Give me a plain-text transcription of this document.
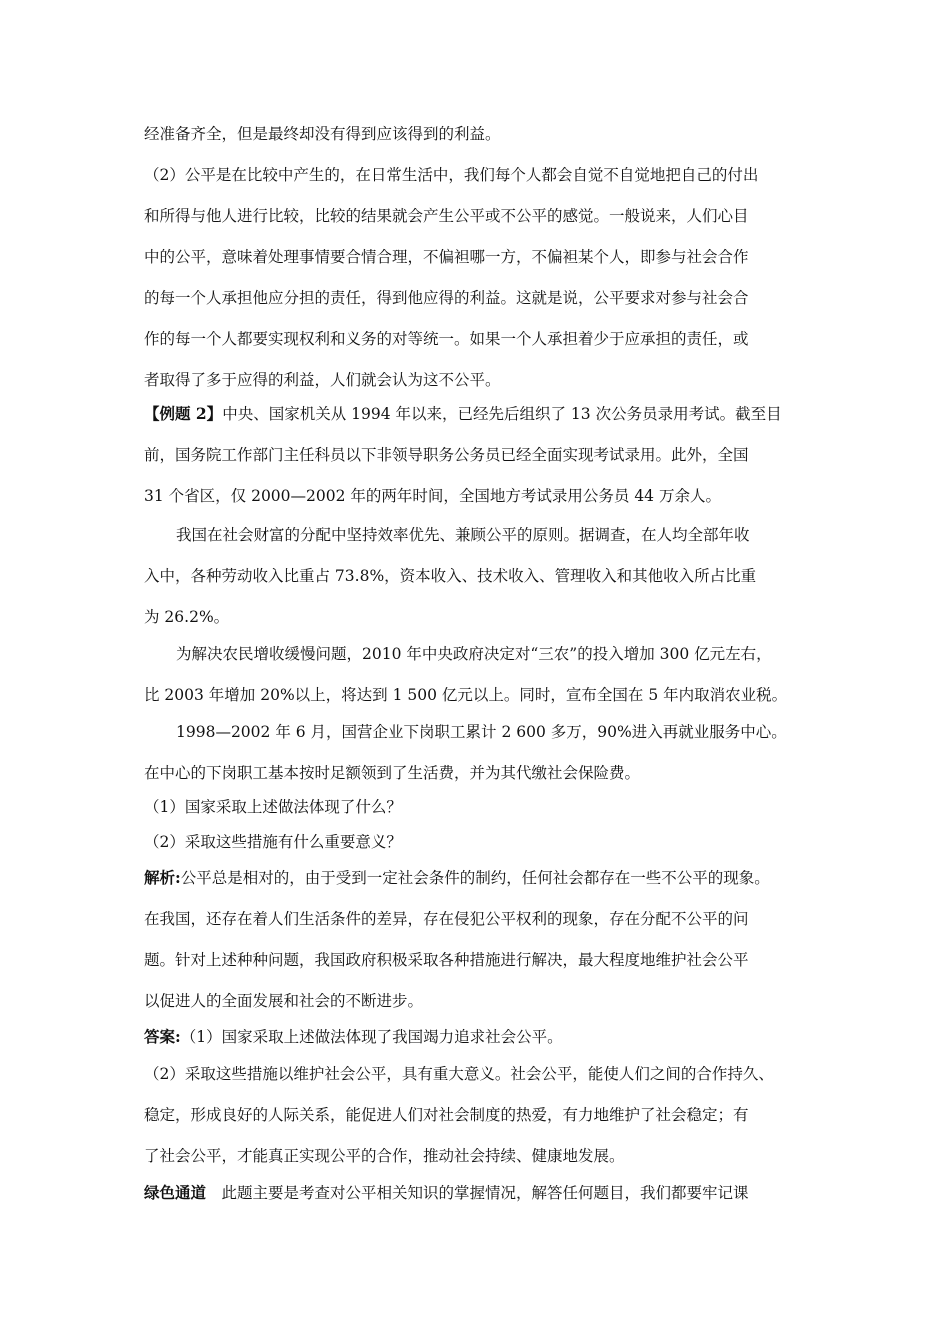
经准备齐全，但是最终却没有得到应该得到的利益。
（2）公平是在比较中产生的，在日常生活中，我们每个人都会自觉不自觉地把自己的付出
和所得与他人进行比较，比较的结果就会产生公平或不公平的感觉。一般说来，人们心目
中的公平，意味着处理事情要合情合理，不偏袒哪一方，不偏袒某个人，即参与社会合作
的每一个人承担他应分担的责任，得到他应得的利益。这就是说，公平要求对参与社会合
作的每一个人都要实现权利和义务的对等统一。如果一个人承担着少于应承担的责任，或
者取得了多于应得的利益，人们就会认为这不公平。
【例题 2】中央、国家机关从 1994 年以来，已经先后组织了 13 次公务员录用考试。截至目
前，国务院工作部门主任科员以下非领导职务公务员已经全面实现考试录用。此外，全国
31 个省区，仅 2000—2002 年的两年时间，全国地方考试录用公务员 44 万余人。
我国在社会财富的分配中坚持效率优先、兼顾公平的原则。据调查，在人均全部年收
入中，各种劳动收入比重占 73.8%，资本收入、技术收入、管理收入和其他收入所占比重
为 26.2%。
为解决农民增收缓慢问题，2010 年中央政府决定对“三农”的投入增加 300 亿元左右，
比 2003 年增加 20%以上，将达到 1 500 亿元以上。同时，宣布全国在 5 年内取消农业税。
1998—2002 年 6 月，国营企业下岗职工累计 2 600 多万，90%进入再就业服务中心。
在中心的下岗职工基本按时足额领到了生活费，并为其代缴社会保险费。
（1）国家采取上述做法体现了什么？
（2）采取这些措施有什么重要意义？
解析:公平总是相对的，由于受到一定社会条件的制约，任何社会都存在一些不公平的现象。
在我国，还存在着人们生活条件的差异，存在侵犯公平权利的现象，存在分配不公平的问
题。针对上述种种问题，我国政府积极采取各种措施进行解决，最大程度地维护社会公平
以促进人的全面发展和社会的不断进步。
答案:（1）国家采取上述做法体现了我国竭力追求社会公平。
（2）采取这些措施以维护社会公平，具有重大意义。社会公平，能使人们之间的合作持久、
稳定，形成良好的人际关系，能促进人们对社会制度的热爱，有力地维护了社会稳定；有
了社会公平，才能真正实现公平的合作，推动社会持续、健康地发展。
绿色通道　此题主要是考查对公平相关知识的掌握情况，解答任何题目，我们都要牢记课
